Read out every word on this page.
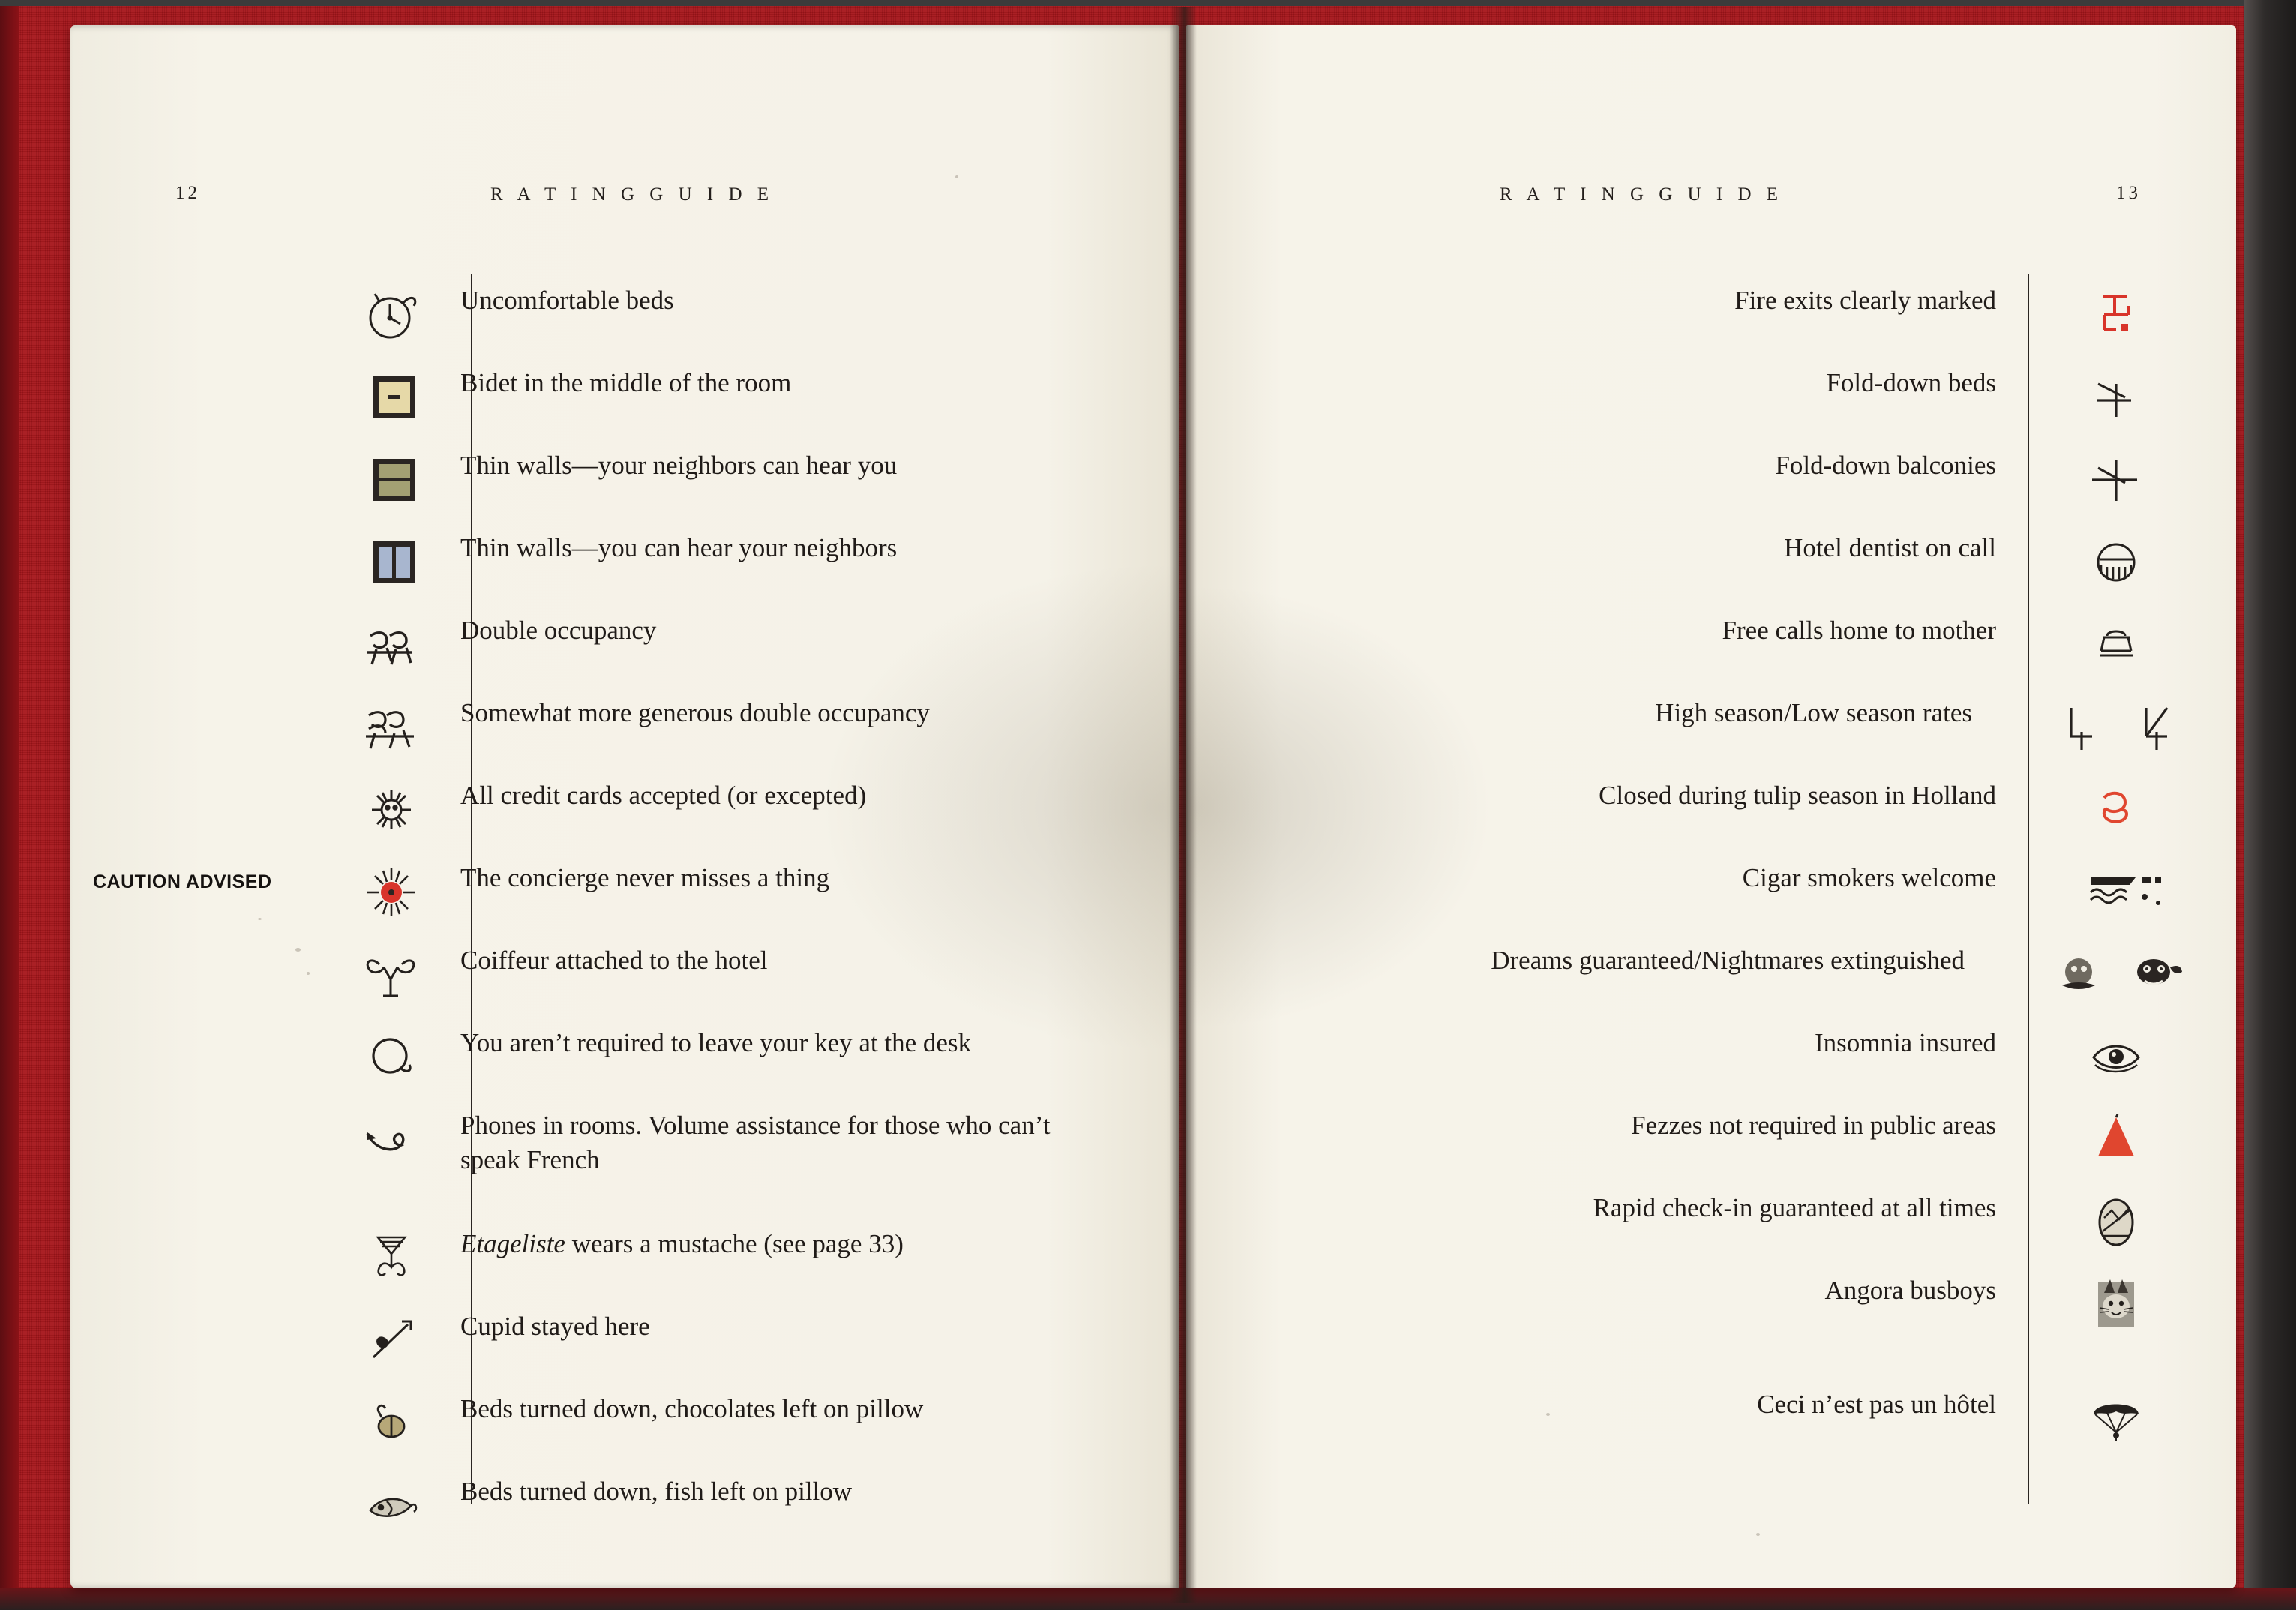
12	R A T I N G G U I D E
CAUTION ADVISED
Uncomfortable beds
Bidet in the middle of the room
Thin walls—your neighbors can hear you
Thin walls—you can hear your neighbors
Double occupancy
Somewhat more generous double occupancy
All credit cards accepted (or excepted)
The concierge never misses a thing
Coiffeur attached to the hotel
You aren’t required to leave your key at the desk
Phones in rooms. Volume assistance for those who can’t speak French
Etageliste wears a mustache (see page 33)
Cupid stayed here
Beds turned down, chocolates left on pillow
Beds turned down, fish left on pillow
13
R A T I N G G U I D E
Fire exits clearly marked
Fold-down beds
Fold-down balconies
Hotel dentist on call
Free calls home to mother
High season/Low season rates
Closed during tulip season in Holland
Cigar smokers welcome
Dreams guaranteed/Nightmares extinguished
Insomnia insured
Fezzes not required in public areas
Rapid check-in guaranteed at all times
Angora busboys
Ceci n’est pas un hôtel
